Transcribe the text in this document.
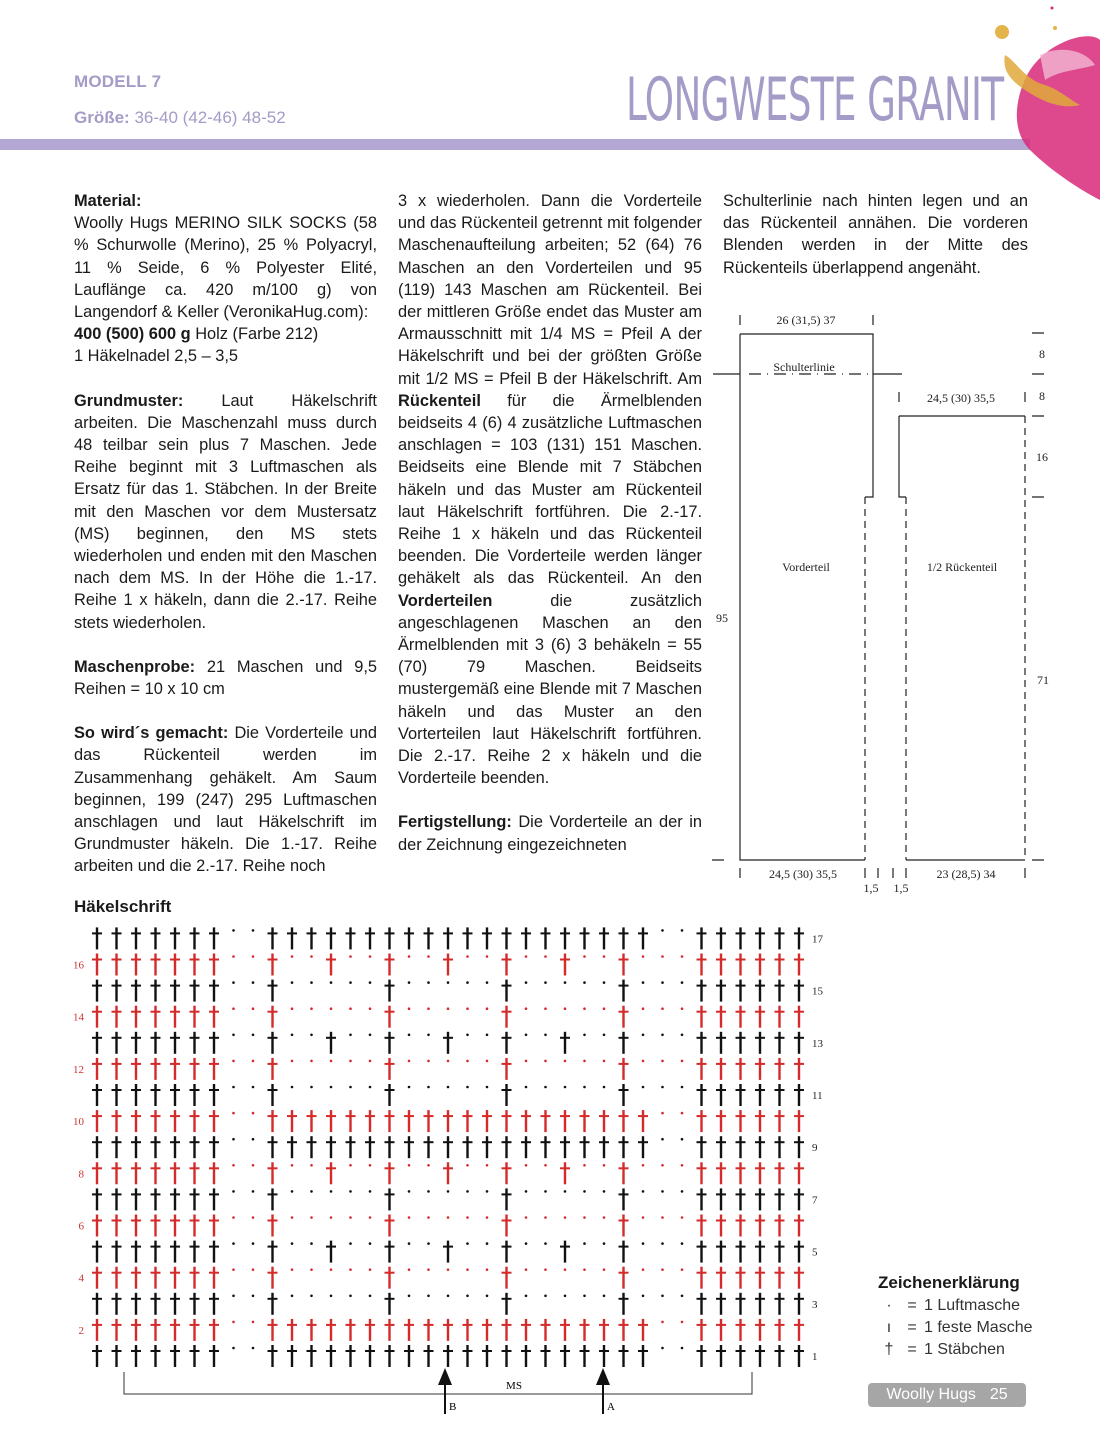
MODELL 7
Größe: 36-40 (42-46) 48-52	LONGWESTE GRANIT

Material:
Woolly Hugs MERINO SILK SOCKS (58 % Schurwolle (Merino), 25 % Polyacryl, 11 % Seide, 6 % Polyester Elité, Lauflänge ca. 420 m/100 g) von Langendorf & Keller (VeronikaHug.com):
400 (500) 600 g Holz (Farbe 212)
1 Häkelnadel 2,5 – 3,5

Grundmuster: Laut Häkelschrift arbeiten. Die Maschenzahl muss durch 48 teilbar sein plus 7 Maschen. Jede Reihe beginnt mit 3 Luftmaschen als Ersatz für das 1. Stäbchen. In der Breite mit den Maschen vor dem Mustersatz (MS) beginnen, den MS stets wiederholen und enden mit den Maschen nach dem MS. In der Höhe die 1.-17. Reihe 1 x häkeln, dann die 2.-17. Reihe stets wiederholen.

Maschenprobe: 21 Maschen und 9,5 Reihen = 10 x 10 cm

So wird´s gemacht: Die Vorderteile und das Rückenteil werden im Zusammenhang gehäkelt. Am Saum beginnen, 199 (247) 295 Luftmaschen anschlagen und laut Häkelschrift im Grundmuster häkeln. Die 1.-17. Reihe arbeiten und die 2.-17. Reihe noch

3 x wiederholen. Dann die Vorderteile und das Rückenteil getrennt mit folgender Maschenaufteilung arbeiten; 52 (64) 76 Maschen an den Vorderteilen und 95 (119) 143 Maschen am Rückenteil. Bei der mittleren Größe endet das Muster am Armausschnitt mit 1/4 MS = Pfeil A der Häkelschrift und bei der größten Größe mit 1/2 MS = Pfeil B der Häkelschrift. Am Rückenteil für die Ärmelblenden beidseits 4 (6) 4 zusätzliche Luftmaschen anschlagen = 103 (131) 151 Maschen. Beidseits eine Blende mit 7 Stäbchen häkeln und das Muster am Rückenteil laut Häkelschrift fortführen. Die 2.-17. Reihe 1 x häkeln und das Rückenteil beenden. Die Vorderteile werden länger gehäkelt als das Rückenteil. An den Vorderteilen die zusätzlich angeschlagenen Maschen an den Ärmelblenden mit 3 (6) 3 behäkeln = 55 (70) 79 Maschen. Beidseits mustergemäß eine Blende mit 7 Maschen häkeln und das Muster an den Vorterteilen laut Häkelschrift fortführen. Die 2.-17. Reihe 2 x häkeln und die Vorderteile beenden.

Fertigstellung: Die Vorderteile an der in der Zeichnung eingezeichneten

Schulterlinie nach hinten legen und an das Rückenteil annähen. Die vorderen Blenden werden in der Mitte des Rückenteils überlappend angenäht.

26 (31,5) 37
Schulterlinie
24,5 (30) 35,5
8
8
16
71
95
Vorderteil	1/2 Rückenteil
24,5 (30) 35,5
1,5 1,5
23 (28,5) 34
Häkelschrift
16
14
12
10
8
6
4
2
17
15
13
11
9
7
5
3
1
MS
B	A
Zeichenerklärung
· = 1 Luftmasche
ı	= 1 feste Masche
† = 1 Stäbchen
Woolly Hugs 25
